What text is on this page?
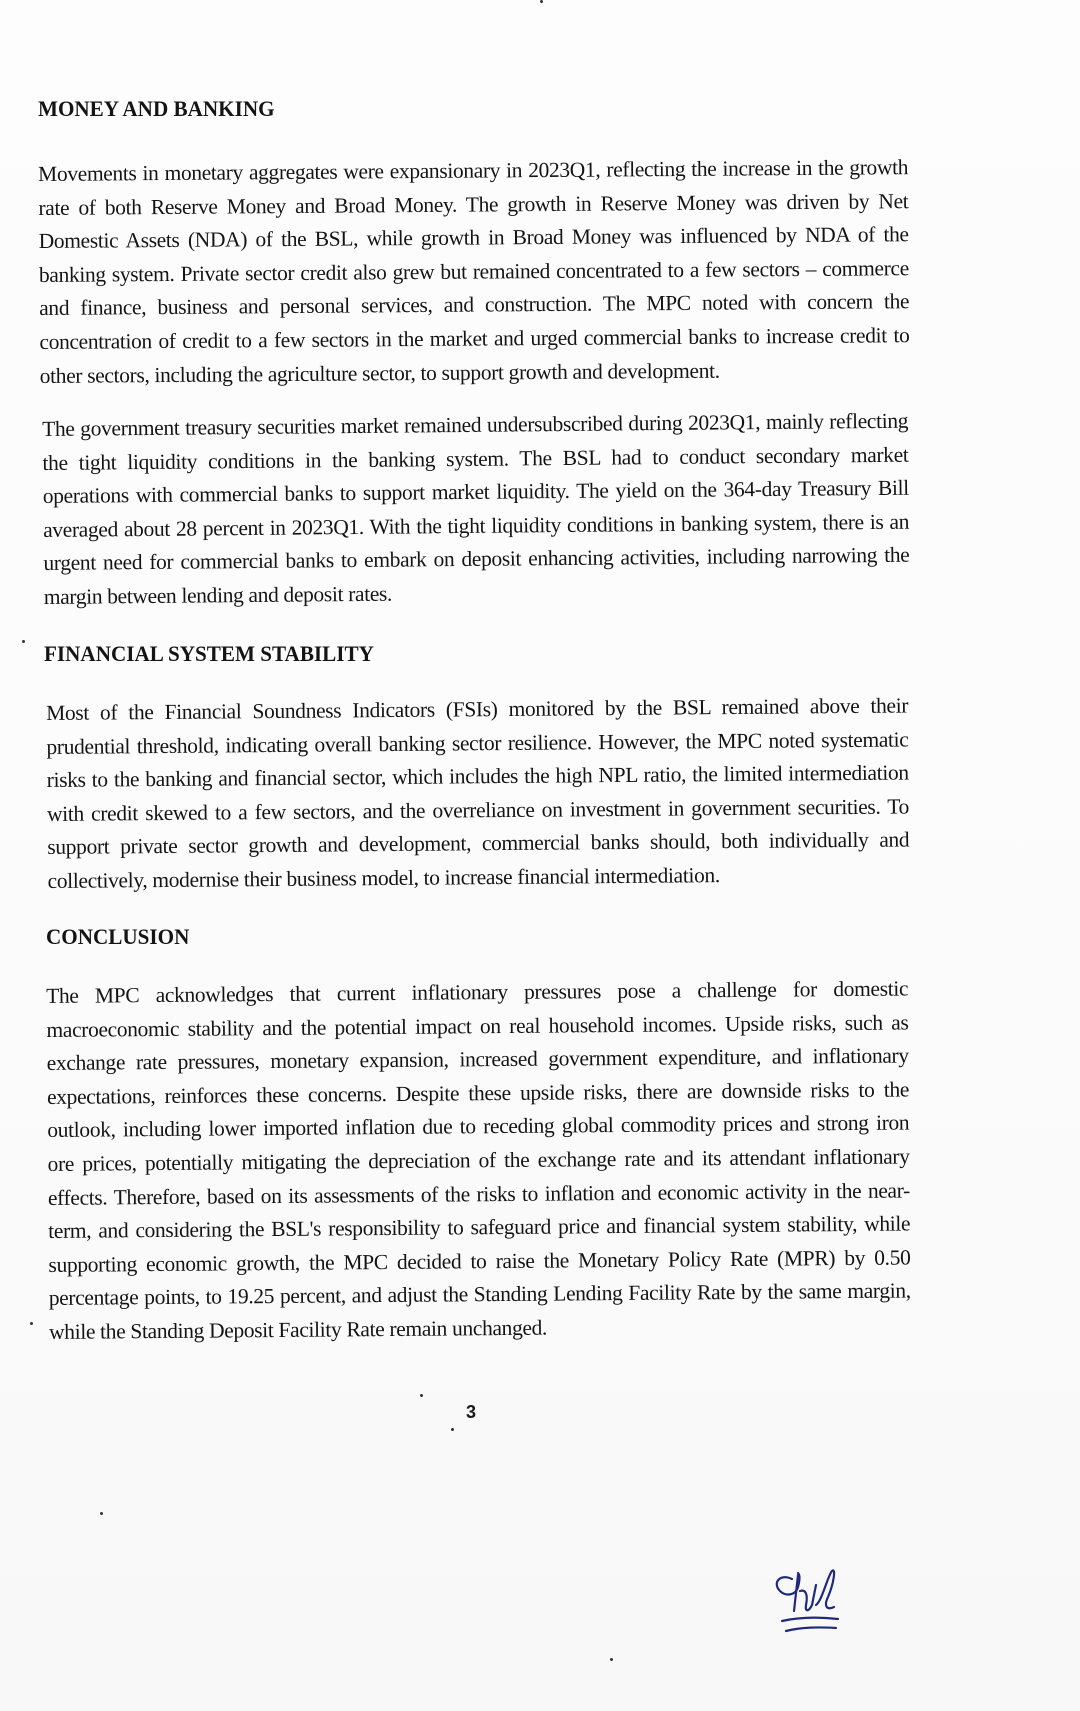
MONEY AND BANKING

Movements in monetary aggregates were expansionary in 2023Q1, reflecting the increase in the growth rate of both Reserve Money and Broad Money. The growth in Reserve Money was driven by Net Domestic Assets (NDA) of the BSL, while growth in Broad Money was influenced by NDA of the banking system. Private sector credit also grew but remained concentrated to a few sectors – commerce and finance, business and personal services, and construction. The MPC noted with concern the concentration of credit to a few sectors in the market and urged commercial banks to increase credit to other sectors, including the agriculture sector, to support growth and development.

The government treasury securities market remained undersubscribed during 2023Q1, mainly reflecting the tight liquidity conditions in the banking system. The BSL had to conduct secondary market operations with commercial banks to support market liquidity. The yield on the 364-day Treasury Bill averaged about 28 percent in 2023Q1. With the tight liquidity conditions in banking system, there is an urgent need for commercial banks to embark on deposit enhancing activities, including narrowing the margin between lending and deposit rates.

FINANCIAL SYSTEM STABILITY

Most of the Financial Soundness Indicators (FSIs) monitored by the BSL remained above their prudential threshold, indicating overall banking sector resilience. However, the MPC noted systematic risks to the banking and financial sector, which includes the high NPL ratio, the limited intermediation with credit skewed to a few sectors, and the overreliance on investment in government securities. To support private sector growth and development, commercial banks should, both individually and collectively, modernise their business model, to increase financial intermediation.

CONCLUSION

The MPC acknowledges that current inflationary pressures pose a challenge for domestic macroeconomic stability and the potential impact on real household incomes. Upside risks, such as exchange rate pressures, monetary expansion, increased government expenditure, and inflationary expectations, reinforces these concerns. Despite these upside risks, there are downside risks to the outlook, including lower imported inflation due to receding global commodity prices and strong iron ore prices, potentially mitigating the depreciation of the exchange rate and its attendant inflationary effects. Therefore, based on its assessments of the risks to inflation and economic activity in the near-term, and considering the BSL's responsibility to safeguard price and financial system stability, while supporting economic growth, the MPC decided to raise the Monetary Policy Rate (MPR) by 0.50 percentage points, to 19.25 percent, and adjust the Standing Lending Facility Rate by the same margin, while the Standing Deposit Facility Rate remain unchanged.

3
